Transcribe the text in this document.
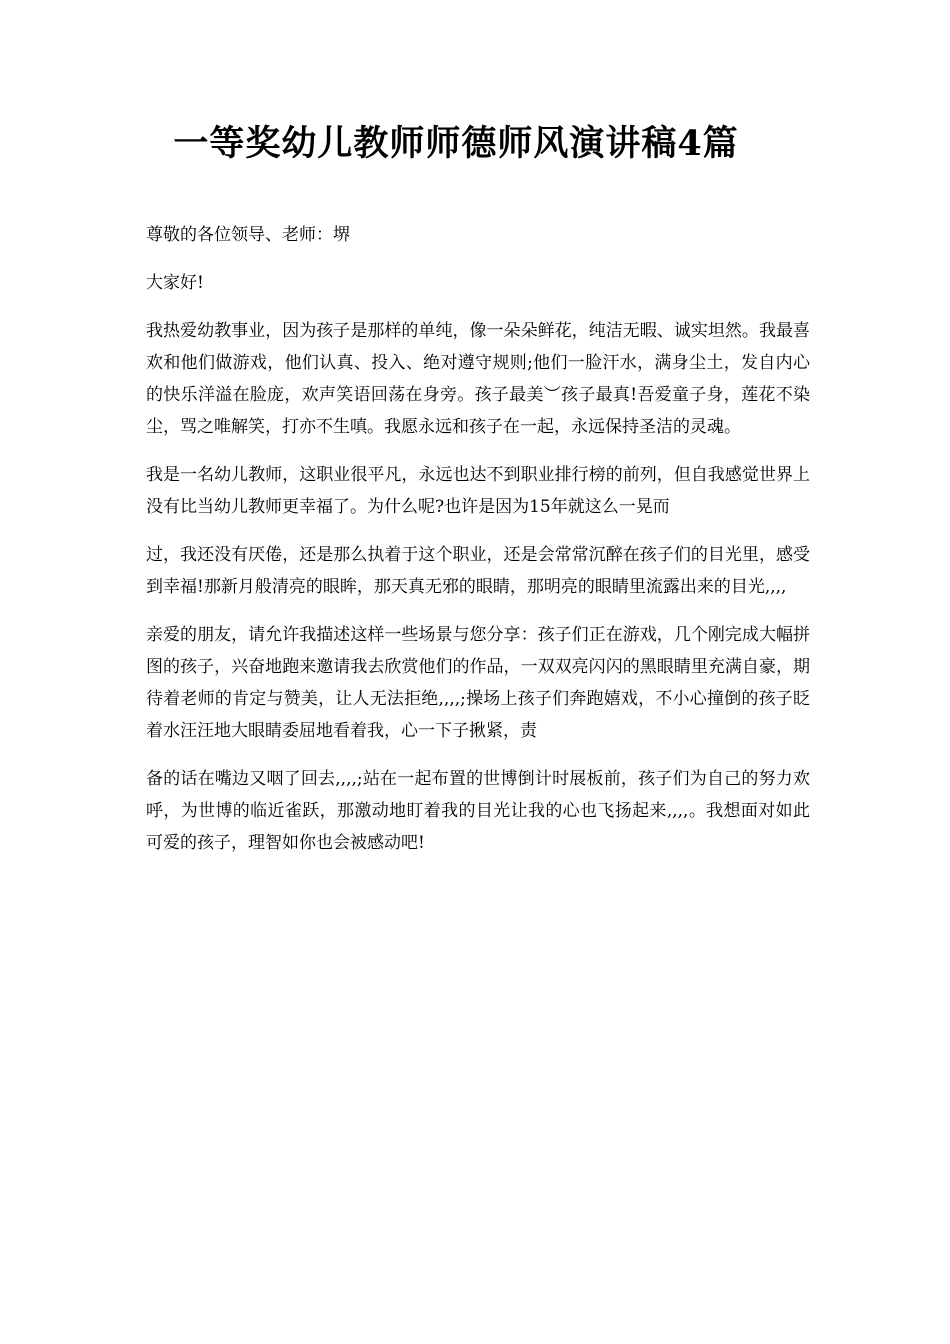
一等奖幼儿教师师德师风演讲稿4篇

尊敬的各位领导、老师：堺

大家好!

我热爱幼教事业，因为孩子是那样的单纯，像一朵朵鲜花，纯洁无暇、诚实坦然。我最喜欢和他们做游戏，他们认真、投入、绝对遵守规则;他们一脸汗水，满身尘土，发自内心的快乐洋溢在脸庞，欢声笑语回荡在身旁。孩子最美︶孩子最真!吾爱童子身，莲花不染尘，骂之唯解笑，打亦不生嗔。我愿永远和孩子在一起，永远保持圣洁的灵魂。

我是一名幼儿教师，这职业很平凡，永远也达不到职业排行榜的前列，但自我感觉世界上没有比当幼儿教师更幸福了。为什么呢?也许是因为15年就这么一晃而

过，我还没有厌倦，还是那么执着于这个职业，还是会常常沉醉在孩子们的目光里，感受到幸福!那新月般清亮的眼眸，那天真无邪的眼睛，那明亮的眼睛里流露出来的目光,,,,

亲爱的朋友，请允许我描述这样一些场景与您分享：孩子们正在游戏，几个刚完成大幅拼图的孩子，兴奋地跑来邀请我去欣赏他们的作品，一双双亮闪闪的黑眼睛里充满自豪，期待着老师的肯定与赞美，让人无法拒绝,,,,;操场上孩子们奔跑嬉戏，不小心撞倒的孩子眨着水汪汪地大眼睛委屈地看着我，心一下子揪紧，责

备的话在嘴边又咽了回去,,,,;站在一起布置的世博倒计时展板前，孩子们为自己的努力欢呼，为世博的临近雀跃，那激动地盯着我的目光让我的心也飞扬起来,,,,。我想面对如此可爱的孩子，理智如你也会被感动吧!
